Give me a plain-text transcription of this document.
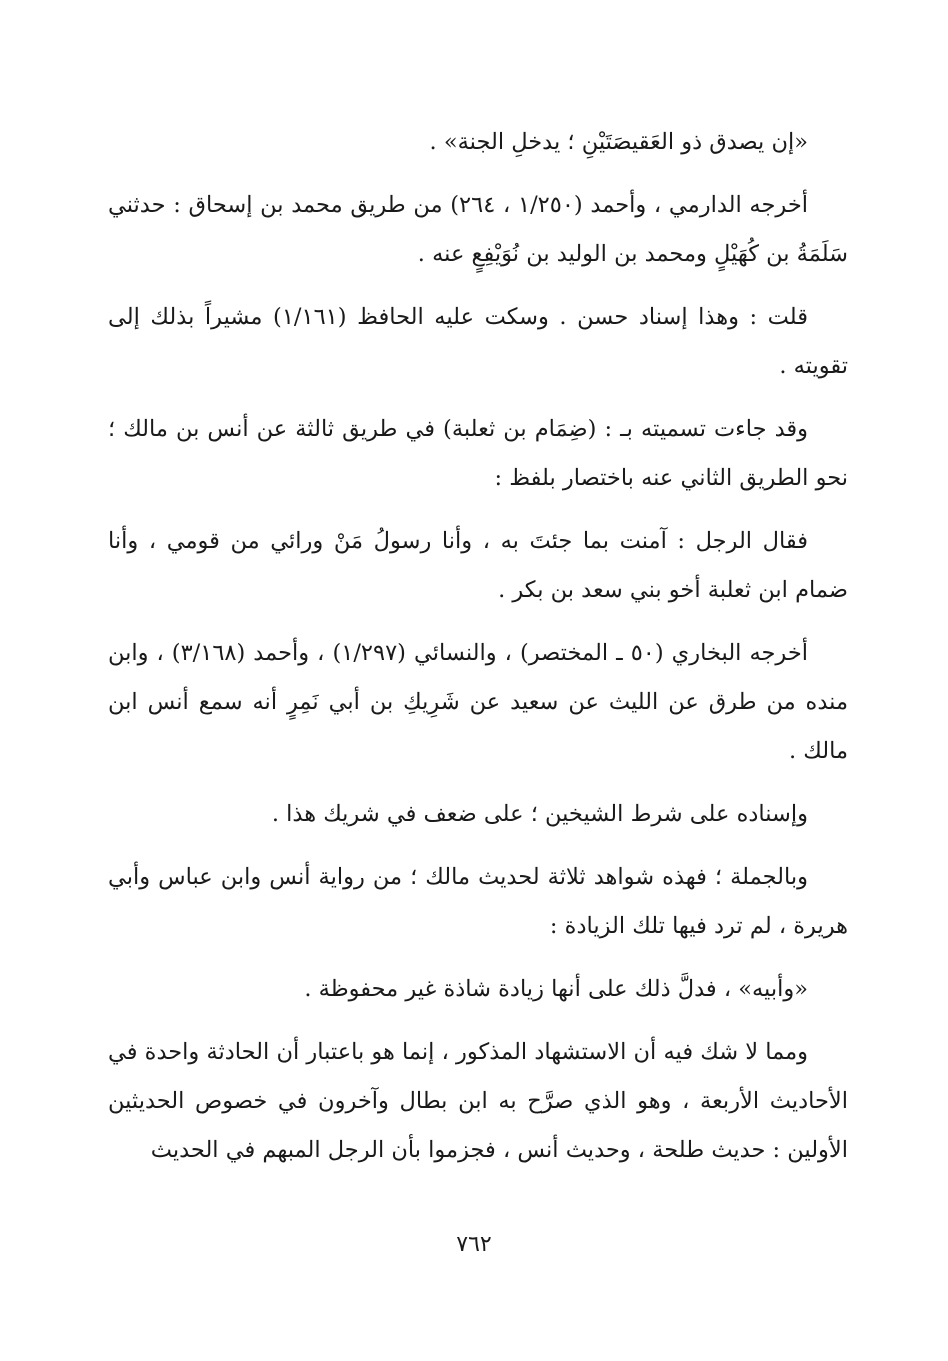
«إن يصدق ذو العَقيصَتَيْنِ ؛ يدخلِ الجنة» .

أخرجه الدارمي ، وأحمد (١/٢٥٠ ، ٢٦٤) من طريق محمد بن إسحاق : حدثني سَلَمَةُ بن كُهَيْلٍ ومحمد بن الوليد بن نُوَيْفِعٍ عنه .

قلت : وهذا إسناد حسن . وسكت عليه الحافظ (١/١٦١) مشيراً بذلك إلى تقويته .

وقد جاءت تسميته بـ : (ضِمَام بن ثعلبة) في طريق ثالثة عن أنس بن مالك ؛ نحو الطريق الثاني عنه باختصار بلفظ :

فقال الرجل : آمنت بما جئتَ به ، وأنا رسولُ مَنْ ورائي من قومي ، وأنا ضمام ابن ثعلبة أخو بني سعد بن بكر .

أخرجه البخاري (٥٠ ـ المختصر) ، والنسائي (١/٢٩٧) ، وأحمد (٣/١٦٨) ، وابن منده من طرق عن الليث عن سعيد عن شَرِيكِ بن أبي نَمِرٍ أنه سمع أنس ابن مالك .

وإسناده على شرط الشيخين ؛ على ضعف في شريك هذا .

وبالجملة ؛ فهذه شواهد ثلاثة لحديث مالك ؛ من رواية أنس وابن عباس وأبي هريرة ، لم ترد فيها تلك الزيادة :

«وأبيه» ، فدلَّ ذلك على أنها زيادة شاذة غير محفوظة .

ومما لا شك فيه أن الاستشهاد المذكور ، إنما هو باعتبار أن الحادثة واحدة في الأحاديث الأربعة ، وهو الذي صرَّح به ابن بطال وآخرون في خصوص الحديثين الأولين : حديث طلحة ، وحديث أنس ، فجزموا بأن الرجل المبهم في الحديث

٧٦٢
